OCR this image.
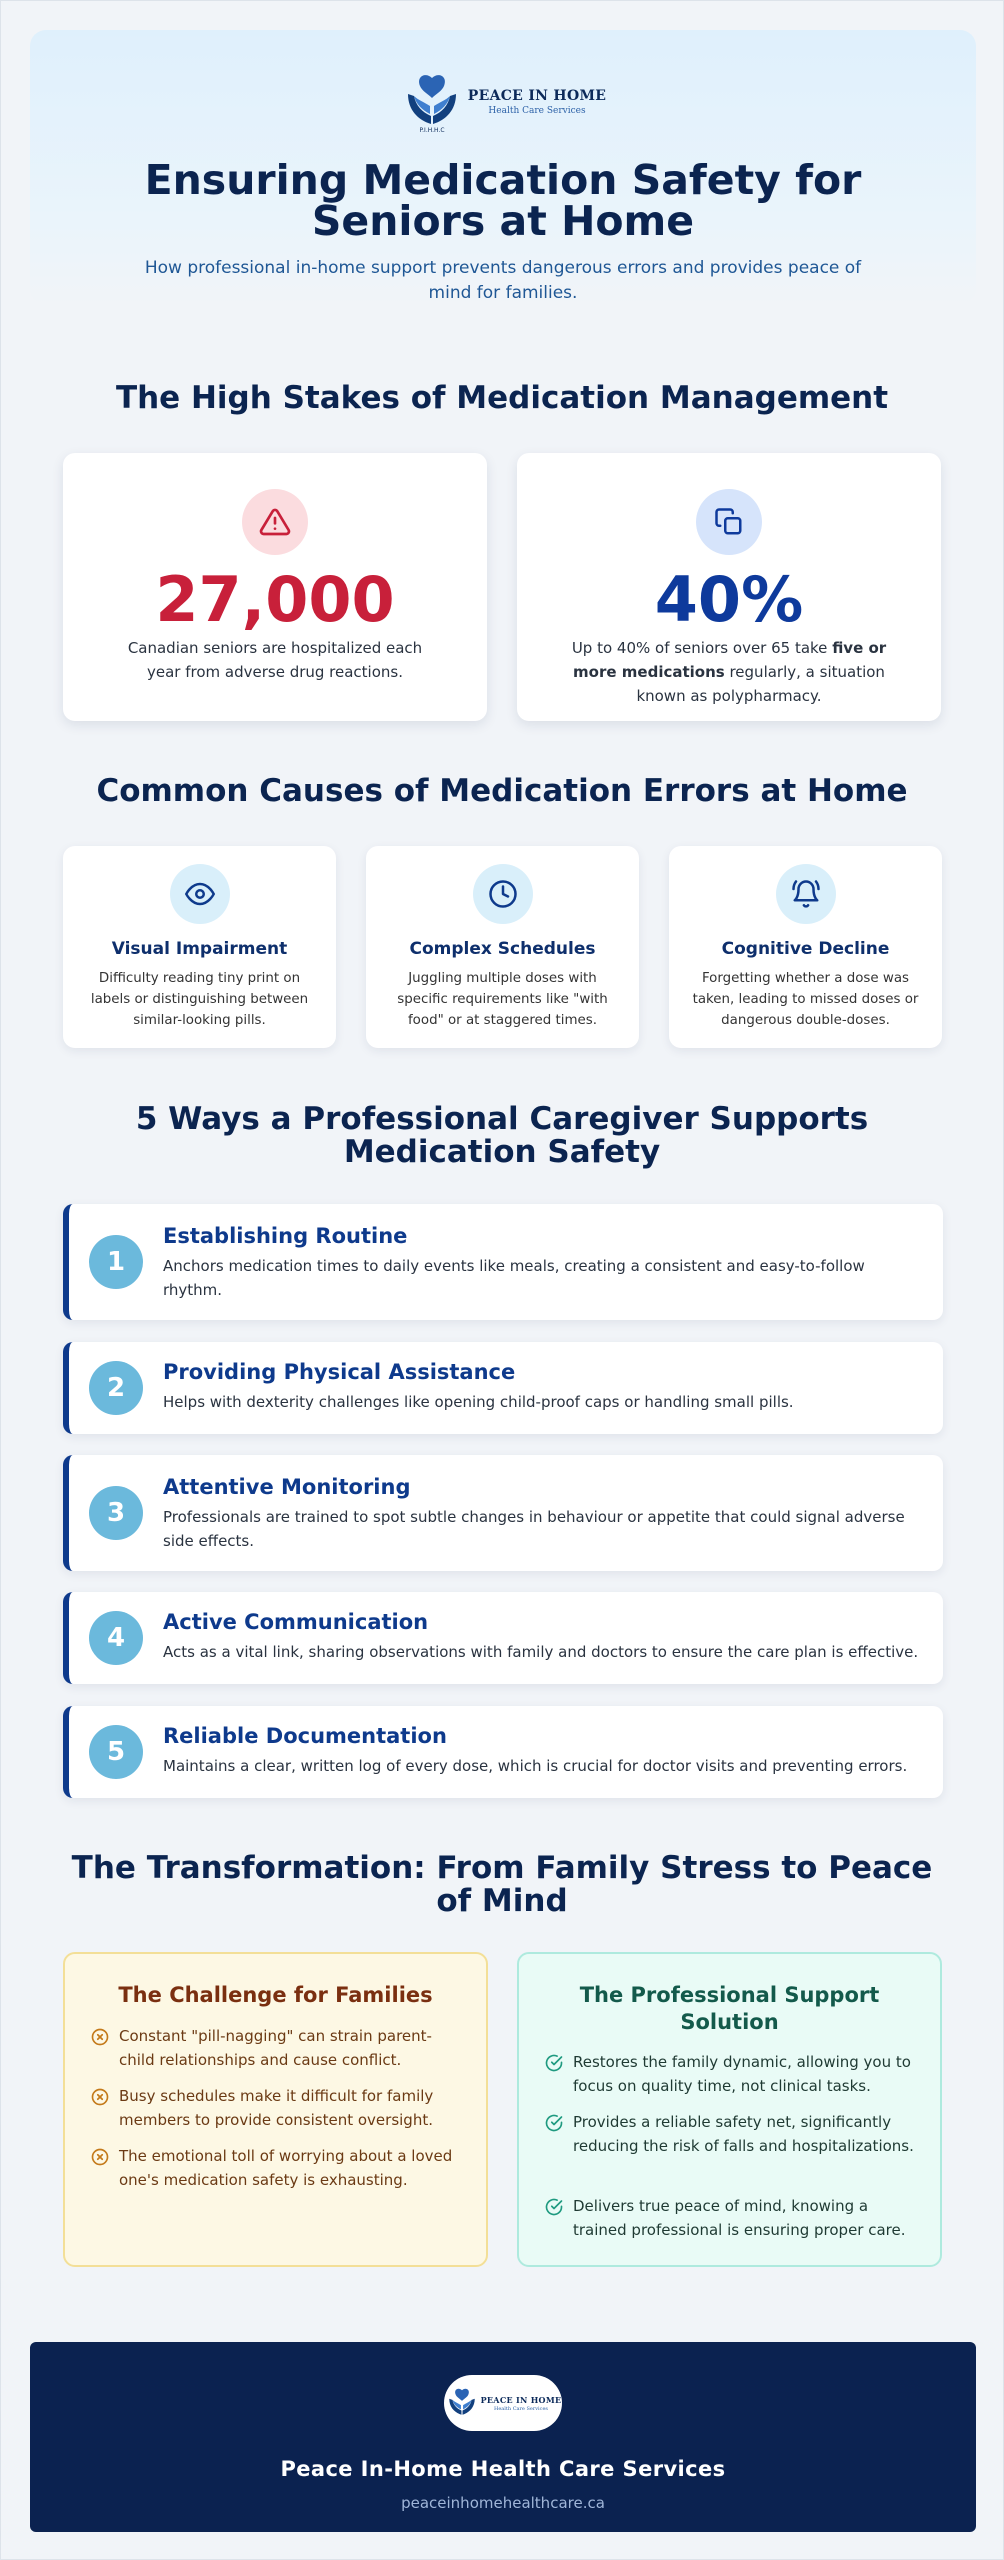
P.I.H.H.C
PEACE IN HOME
Health Care Services
Ensuring Medication Safety for Seniors at Home

How professional in-home support prevents dangerous errors and provides peace of mind for families.

The High Stakes of Medication Management
27,000

Canadian seniors are hospitalized each year from adverse drug reactions.

40%

Up to 40% of seniors over 65 take five or more medications regularly, a situation known as polypharmacy.

Common Causes of Medication Errors at Home
Visual Impairment

Difficulty reading tiny print on labels or distinguishing between similar-looking pills.

Complex Schedules

Juggling multiple doses with specific requirements like "with food" or at staggered times.

Cognitive Decline

Forgetting whether a dose was taken, leading to missed doses or dangerous double-doses.

5 Ways a Professional Caregiver Supports Medication Safety
1
Establishing Routine

Anchors medication times to daily events like meals, creating a consistent and easy-to-follow rhythm.

2
Providing Physical Assistance

Helps with dexterity challenges like opening child-proof caps or handling small pills.

3
Attentive Monitoring

Professionals are trained to spot subtle changes in behaviour or appetite that could signal adverse side effects.

4
Active Communication

Acts as a vital link, sharing observations with family and doctors to ensure the care plan is effective.

5
Reliable Documentation

Maintains a clear, written log of every dose, which is crucial for doctor visits and preventing errors.

The Transformation: From Family Stress to Peace of Mind
The Challenge for Families
Constant "pill-nagging" can strain parent-child relationships and cause conflict.
Busy schedules make it difficult for family members to provide consistent oversight.
The emotional toll of worrying about a loved one's medication safety is exhausting.
The Professional Support Solution
Restores the family dynamic, allowing you to focus on quality time, not clinical tasks.
Provides a reliable safety net, significantly reducing the risk of falls and hospitalizations.
Delivers true peace of mind, knowing a trained professional is ensuring proper care.
PEACE IN HOME
Health Care Services
Peace In-Home Health Care Services
peaceinhomehealthcare.ca
